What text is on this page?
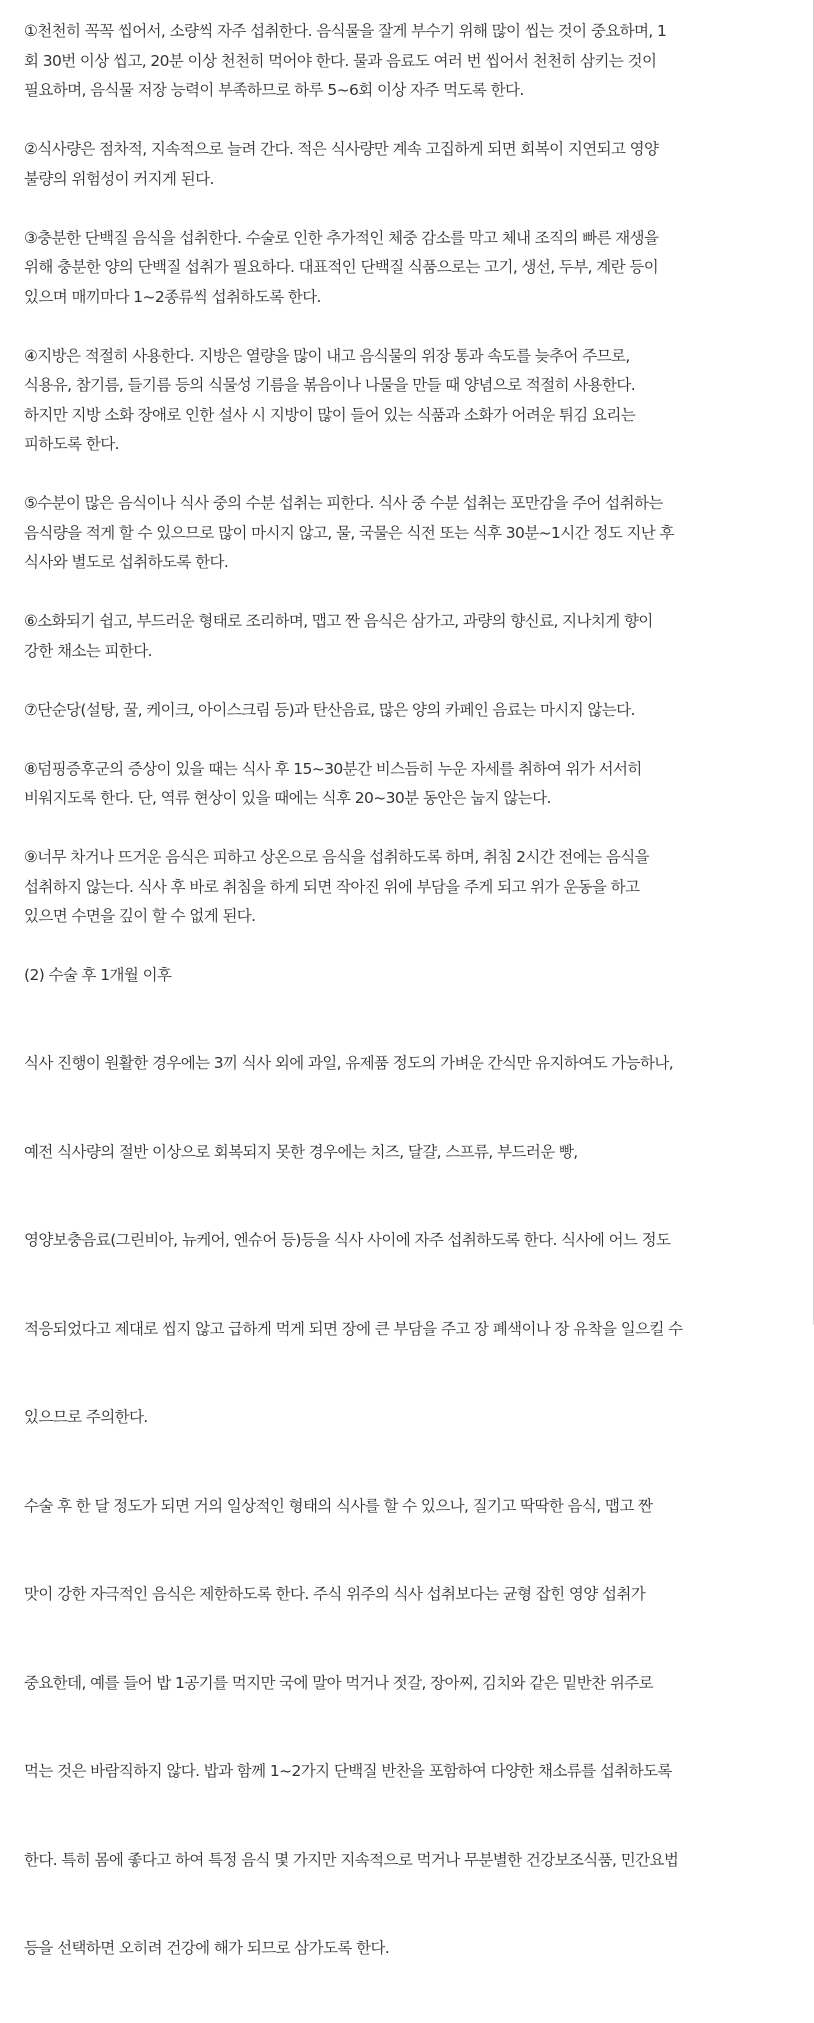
①천천히 꼭꼭 씹어서, 소량씩 자주 섭취한다. 음식물을 잘게 부수기 위해 많이 씹는 것이 중요하며, 1
회 30번 이상 씹고, 20분 이상 천천히 먹어야 한다. 물과 음료도 여러 번 씹어서 천천히 삼키는 것이
필요하며, 음식물 저장 능력이 부족하므로 하루 5~6회 이상 자주 먹도록 한다.

②식사량은 점차적, 지속적으로 늘려 간다. 적은 식사량만 계속 고집하게 되면 회복이 지연되고 영양
불량의 위험성이 커지게 된다.

③충분한 단백질 음식을 섭취한다. 수술로 인한 추가적인 체중 감소를 막고 체내 조직의 빠른 재생을
위해 충분한 양의 단백질 섭취가 필요하다. 대표적인 단백질 식품으로는 고기, 생선, 두부, 계란 등이
있으며 매끼마다 1~2종류씩 섭취하도록 한다.

④지방은 적절히 사용한다. 지방은 열량을 많이 내고 음식물의 위장 통과 속도를 늦추어 주므로,
식용유, 참기름, 들기름 등의 식물성 기름을 볶음이나 나물을 만들 때 양념으로 적절히 사용한다.
하지만 지방 소화 장애로 인한 설사 시 지방이 많이 들어 있는 식품과 소화가 어려운 튀김 요리는
피하도록 한다.

⑤수분이 많은 음식이나 식사 중의 수분 섭취는 피한다. 식사 중 수분 섭취는 포만감을 주어 섭취하는
음식량을 적게 할 수 있으므로 많이 마시지 않고, 물, 국물은 식전 또는 식후 30분~1시간 정도 지난 후
식사와 별도로 섭취하도록 한다.

⑥소화되기 쉽고, 부드러운 형태로 조리하며, 맵고 짠 음식은 삼가고, 과량의 향신료, 지나치게 향이
강한 채소는 피한다.

⑦단순당(설탕, 꿀, 케이크, 아이스크림 등)과 탄산음료, 많은 양의 카페인 음료는 마시지 않는다.

⑧덤핑증후군의 증상이 있을 때는 식사 후 15~30분간 비스듬히 누운 자세를 취하여 위가 서서히
비워지도록 한다. 단, 역류 현상이 있을 때에는 식후 20~30분 동안은 눕지 않는다.

⑨너무 차거나 뜨거운 음식은 피하고 상온으로 음식을 섭취하도록 하며, 취침 2시간 전에는 음식을
섭취하지 않는다. 식사 후 바로 취침을 하게 되면 작아진 위에 부담을 주게 되고 위가 운동을 하고
있으면 수면을 깊이 할 수 없게 된다.

(2) 수술 후 1개월 이후

식사 진행이 원활한 경우에는 3끼 식사 외에 과일, 유제품 정도의 가벼운 간식만 유지하여도 가능하나,

예전 식사량의 절반 이상으로 회복되지 못한 경우에는 치즈, 달걀, 스프류, 부드러운 빵,

영양보충음료(그린비아, 뉴케어, 엔슈어 등)등을 식사 사이에 자주 섭취하도록 한다. 식사에 어느 정도

적응되었다고 제대로 씹지 않고 급하게 먹게 되면 장에 큰 부담을 주고 장 폐색이나 장 유착을 일으킬 수

있으므로 주의한다.

수술 후 한 달 정도가 되면 거의 일상적인 형태의 식사를 할 수 있으나, 질기고 딱딱한 음식, 맵고 짠

맛이 강한 자극적인 음식은 제한하도록 한다. 주식 위주의 식사 섭취보다는 균형 잡힌 영양 섭취가

중요한데, 예를 들어 밥 1공기를 먹지만 국에 말아 먹거나 젓갈, 장아찌, 김치와 같은 밑반찬 위주로

먹는 것은 바람직하지 않다. 밥과 함께 1~2가지 단백질 반찬을 포함하여 다양한 채소류를 섭취하도록

한다. 특히 몸에 좋다고 하여 특정 음식 몇 가지만 지속적으로 먹거나 무분별한 건강보조식품, 민간요법

등을 선택하면 오히려 건강에 해가 되므로 삼가도록 한다.
